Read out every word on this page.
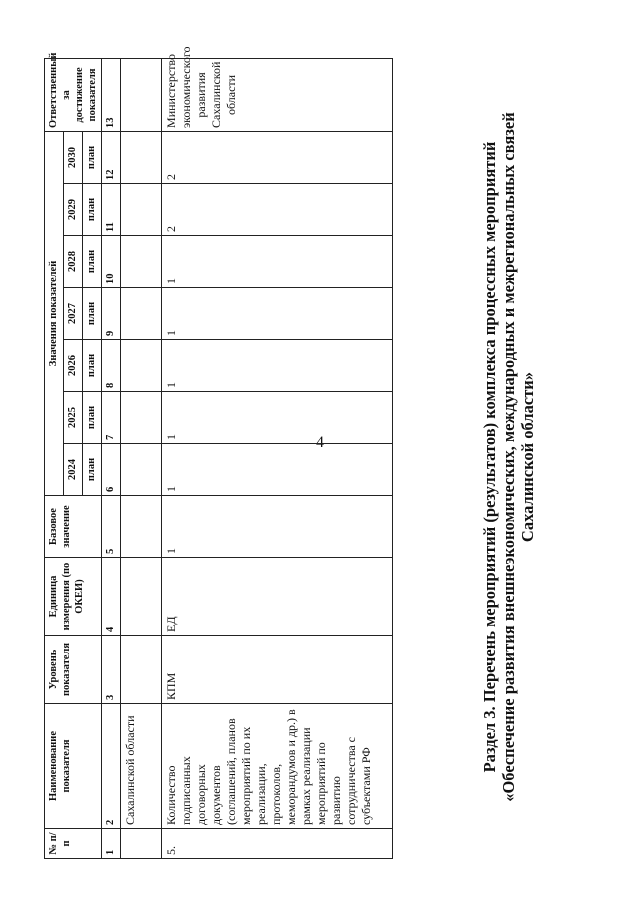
4
№ п/п	Наименование показателя	Уровень показателя	Единица измерения (по ОКЕИ)	Базовое значение	Значения показателей							Ответственный за достижение показателя
					2024	2025	2026	2027	2028	2029	2030	
					план	план	план	план	план	план	план	
1	2	3	4	5	6	7	8	9	10	11	12	13
	Сахалинской области											
5.	Количество подписанных договорных документов (соглашений, планов мероприятий по их реализации, протоколов, меморандумов и др.) в рамках реализации мероприятий по развитию сотрудничества с субъектами РФ	КПМ	ЕД	1	1	1	1	1	1	2	2	Министерство экономического развития Сахалинской области
Раздел 3. Перечень мероприятий (результатов) комплекса процессных мероприятий «Обеспечение развития внешнеэкономических, международных и межрегиональных связей Сахалинской области»
